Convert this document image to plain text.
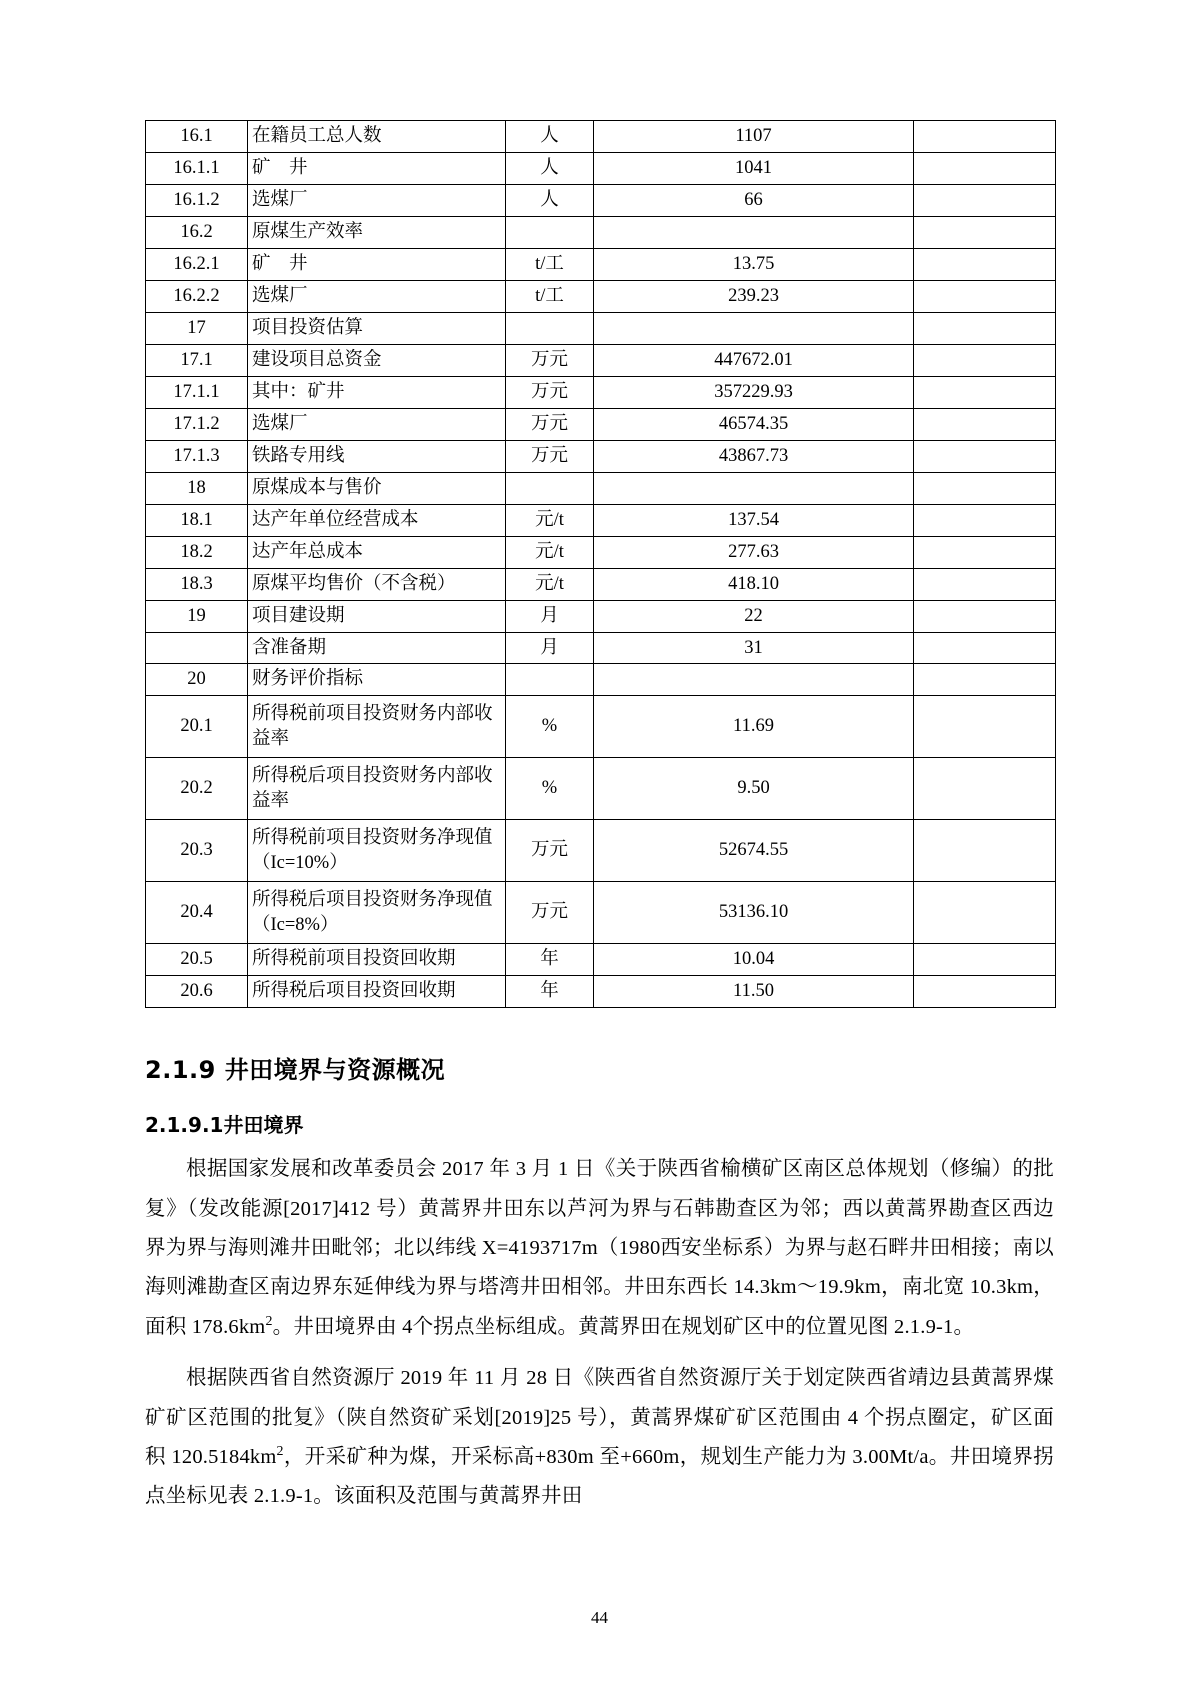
16.1	在籍员工总人数	人	1107	
16.1.1	矿　井	人	1041	
16.1.2	选煤厂	人	66	
16.2	原煤生产效率			
16.2.1	矿　井	t/工	13.75	
16.2.2	选煤厂	t/工	239.23	
17	项目投资估算			
17.1	建设项目总资金	万元	447672.01	
17.1.1	其中：矿井	万元	357229.93	
17.1.2	选煤厂	万元	46574.35	
17.1.3	铁路专用线	万元	43867.73	
18	原煤成本与售价			
18.1	达产年单位经营成本	元/t	137.54	
18.2	达产年总成本	元/t	277.63	
18.3	原煤平均售价（不含税）	元/t	418.10	
19	项目建设期	月	22	
	含准备期	月	31	
20	财务评价指标			
20.1	所得税前项目投资财务内部收益率	%	11.69	
20.2	所得税后项目投资财务内部收益率	%	9.50	
20.3	所得税前项目投资财务净现值（Ic=10%）	万元	52674.55	
20.4	所得税后项目投资财务净现值（Ic=8%）	万元	53136.10	
20.5	所得税前项目投资回收期	年	10.04	
20.6	所得税后项目投资回收期	年	11.50	
2.1.9 井田境界与资源概况
2.1.9.1井田境界

根据国家发展和改革委员会 2017 年 3 月 1 日《关于陕西省榆横矿区南区总体规划（修编）的批复》（发改能源[2017]412 号）黄蒿界井田东以芦河为界与石韩勘查区为邻；西以黄蒿界勘查区西边界为界与海则滩井田毗邻；北以纬线 X=4193717m（1980西安坐标系）为界与赵石畔井田相接；南以海则滩勘查区南边界东延伸线为界与塔湾井田相邻。井田东西长 14.3km～19.9km，南北宽 10.3km，面积 $178.6km^2$。井田境界由 4个拐点坐标组成。黄蒿界田在规划矿区中的位置见图 2.1.9-1。

根据陕西省自然资源厅 2019 年 11 月 28 日《陕西省自然资源厅关于划定陕西省靖边县黄蒿界煤矿矿区范围的批复》（陕自然资矿采划[2019]25 号），黄蒿界煤矿矿区范围由 4 个拐点圈定，矿区面积 $120.5184km^2$，开采矿种为煤，开采标高+830m 至+660m，规划生产能力为 3.00Mt/a。井田境界拐点坐标见表 2.1.9-1。该面积及范围与黄蒿界井田

44
